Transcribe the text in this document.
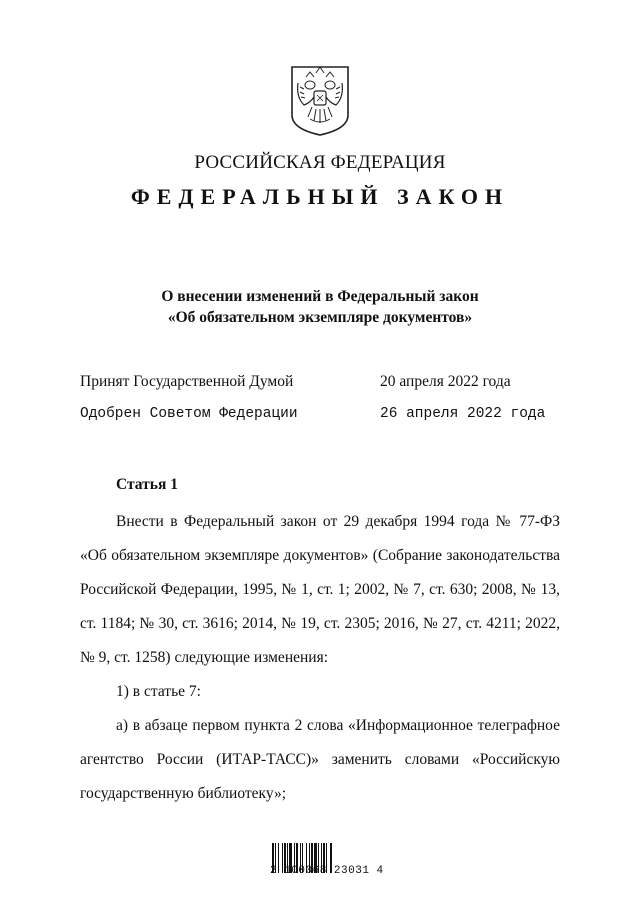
РОССИЙСКАЯ ФЕДЕРАЦИЯ
ФЕДЕРАЛЬНЫЙ ЗАКОН
О внесении изменений в Федеральный закон
«Об обязательном экземпляре документов»
Принят Государственной Думой	20 апреля 2022 года
Одобрен Советом Федерации	26 апреля 2022 года
Статья 1
Внести в Федеральный закон от 29 декабря 1994 года № 77-ФЗ
«Об обязательном экземпляре документов» (Собрание законодательства
Российской Федерации, 1995, № 1, ст. 1; 2002, № 7, ст. 630; 2008, № 13,
ст. 1184; № 30, ст. 3616; 2014, № 19, ст. 2305; 2016, № 27, ст. 4211; 2022,
№ 9, ст. 1258) следующие изменения:
1) в статье 7:
а) в абзаце первом пункта 2 слова «Информационное телеграфное
агентство России (ИТАР-ТАСС)» заменить словами «Российскую
государственную библиотеку»;
2 100068 23031 4
